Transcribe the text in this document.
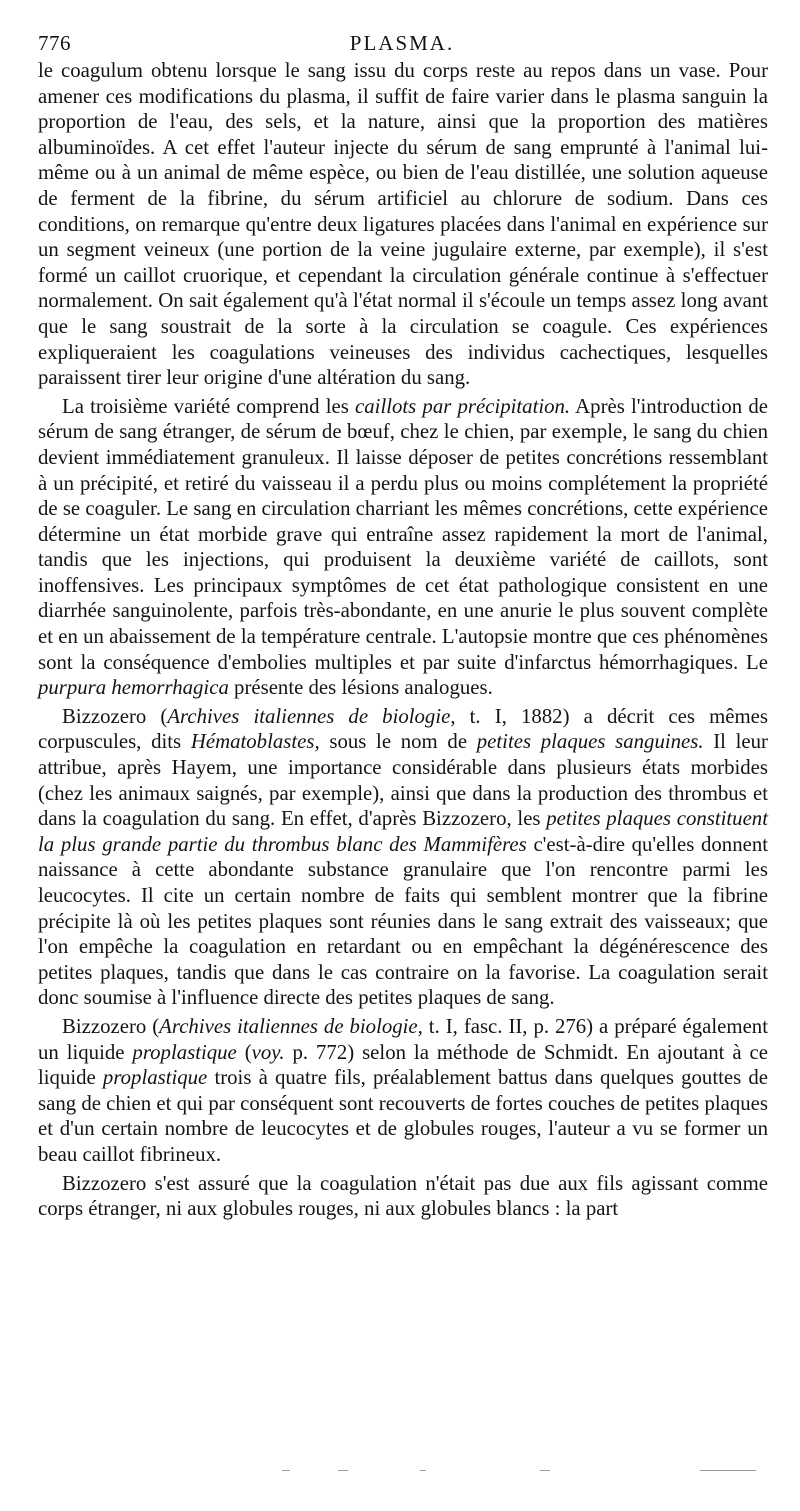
776	PLASMA.

le coagulum obtenu lorsque le sang issu du corps reste au repos dans un vase. Pour amener ces modifications du plasma, il suffit de faire varier dans le plasma sanguin la proportion de l'eau, des sels, et la nature, ainsi que la proportion des matières albuminoïdes. A cet effet l'auteur injecte du sérum de sang emprunté à l'animal lui-même ou à un animal de même espèce, ou bien de l'eau distillée, une solution aqueuse de ferment de la fibrine, du sérum artificiel au chlorure de sodium. Dans ces conditions, on remarque qu'entre deux ligatures placées dans l'animal en expérience sur un segment veineux (une portion de la veine jugulaire externe, par exemple), il s'est formé un caillot cruorique, et cependant la circulation générale continue à s'effectuer normalement. On sait également qu'à l'état normal il s'écoule un temps assez long avant que le sang soustrait de la sorte à la circulation se coagule. Ces expériences expliqueraient les coagulations veineuses des individus cachectiques, lesquelles paraissent tirer leur origine d'une altération du sang.

La troisième variété comprend les caillots par précipitation. Après l'introduction de sérum de sang étranger, de sérum de bœuf, chez le chien, par exemple, le sang du chien devient immédiatement granuleux. Il laisse déposer de petites concrétions ressemblant à un précipité, et retiré du vaisseau il a perdu plus ou moins complétement la propriété de se coaguler. Le sang en circulation charriant les mêmes concrétions, cette expérience détermine un état morbide grave qui entraîne assez rapidement la mort de l'animal, tandis que les injections, qui produisent la deuxième variété de caillots, sont inoffensives. Les principaux symptômes de cet état pathologique consistent en une diarrhée sanguinolente, parfois très-abondante, en une anurie le plus souvent complète et en un abaissement de la température centrale. L'autopsie montre que ces phénomènes sont la conséquence d'embolies multiples et par suite d'infarctus hémorrhagiques. Le purpura hemorrhagica présente des lésions analogues.

Bizzozero (Archives italiennes de biologie, t. I, 1882) a décrit ces mêmes corpuscules, dits Hématoblastes, sous le nom de petites plaques sanguines. Il leur attribue, après Hayem, une importance considérable dans plusieurs états morbides (chez les animaux saignés, par exemple), ainsi que dans la production des thrombus et dans la coagulation du sang. En effet, d'après Bizzozero, les petites plaques constituent la plus grande partie du thrombus blanc des Mammifères c'est-à-dire qu'elles donnent naissance à cette abondante substance granulaire que l'on rencontre parmi les leucocytes. Il cite un certain nombre de faits qui semblent montrer que la fibrine précipite là où les petites plaques sont réunies dans le sang extrait des vaisseaux; que l'on empêche la coagulation en retardant ou en empêchant la dégénérescence des petites plaques, tandis que dans le cas contraire on la favorise. La coagulation serait donc soumise à l'influence directe des petites plaques de sang.

Bizzozero (Archives italiennes de biologie, t. I, fasc. II, p. 276) a préparé également un liquide proplastique (voy. p. 772) selon la méthode de Schmidt. En ajoutant à ce liquide proplastique trois à quatre fils, préalablement battus dans quelques gouttes de sang de chien et qui par conséquent sont recouverts de fortes couches de petites plaques et d'un certain nombre de leucocytes et de globules rouges, l'auteur a vu se former un beau caillot fibrineux.

Bizzozero s'est assuré que la coagulation n'était pas due aux fils agissant comme corps étranger, ni aux globules rouges, ni aux globules blancs : la part
